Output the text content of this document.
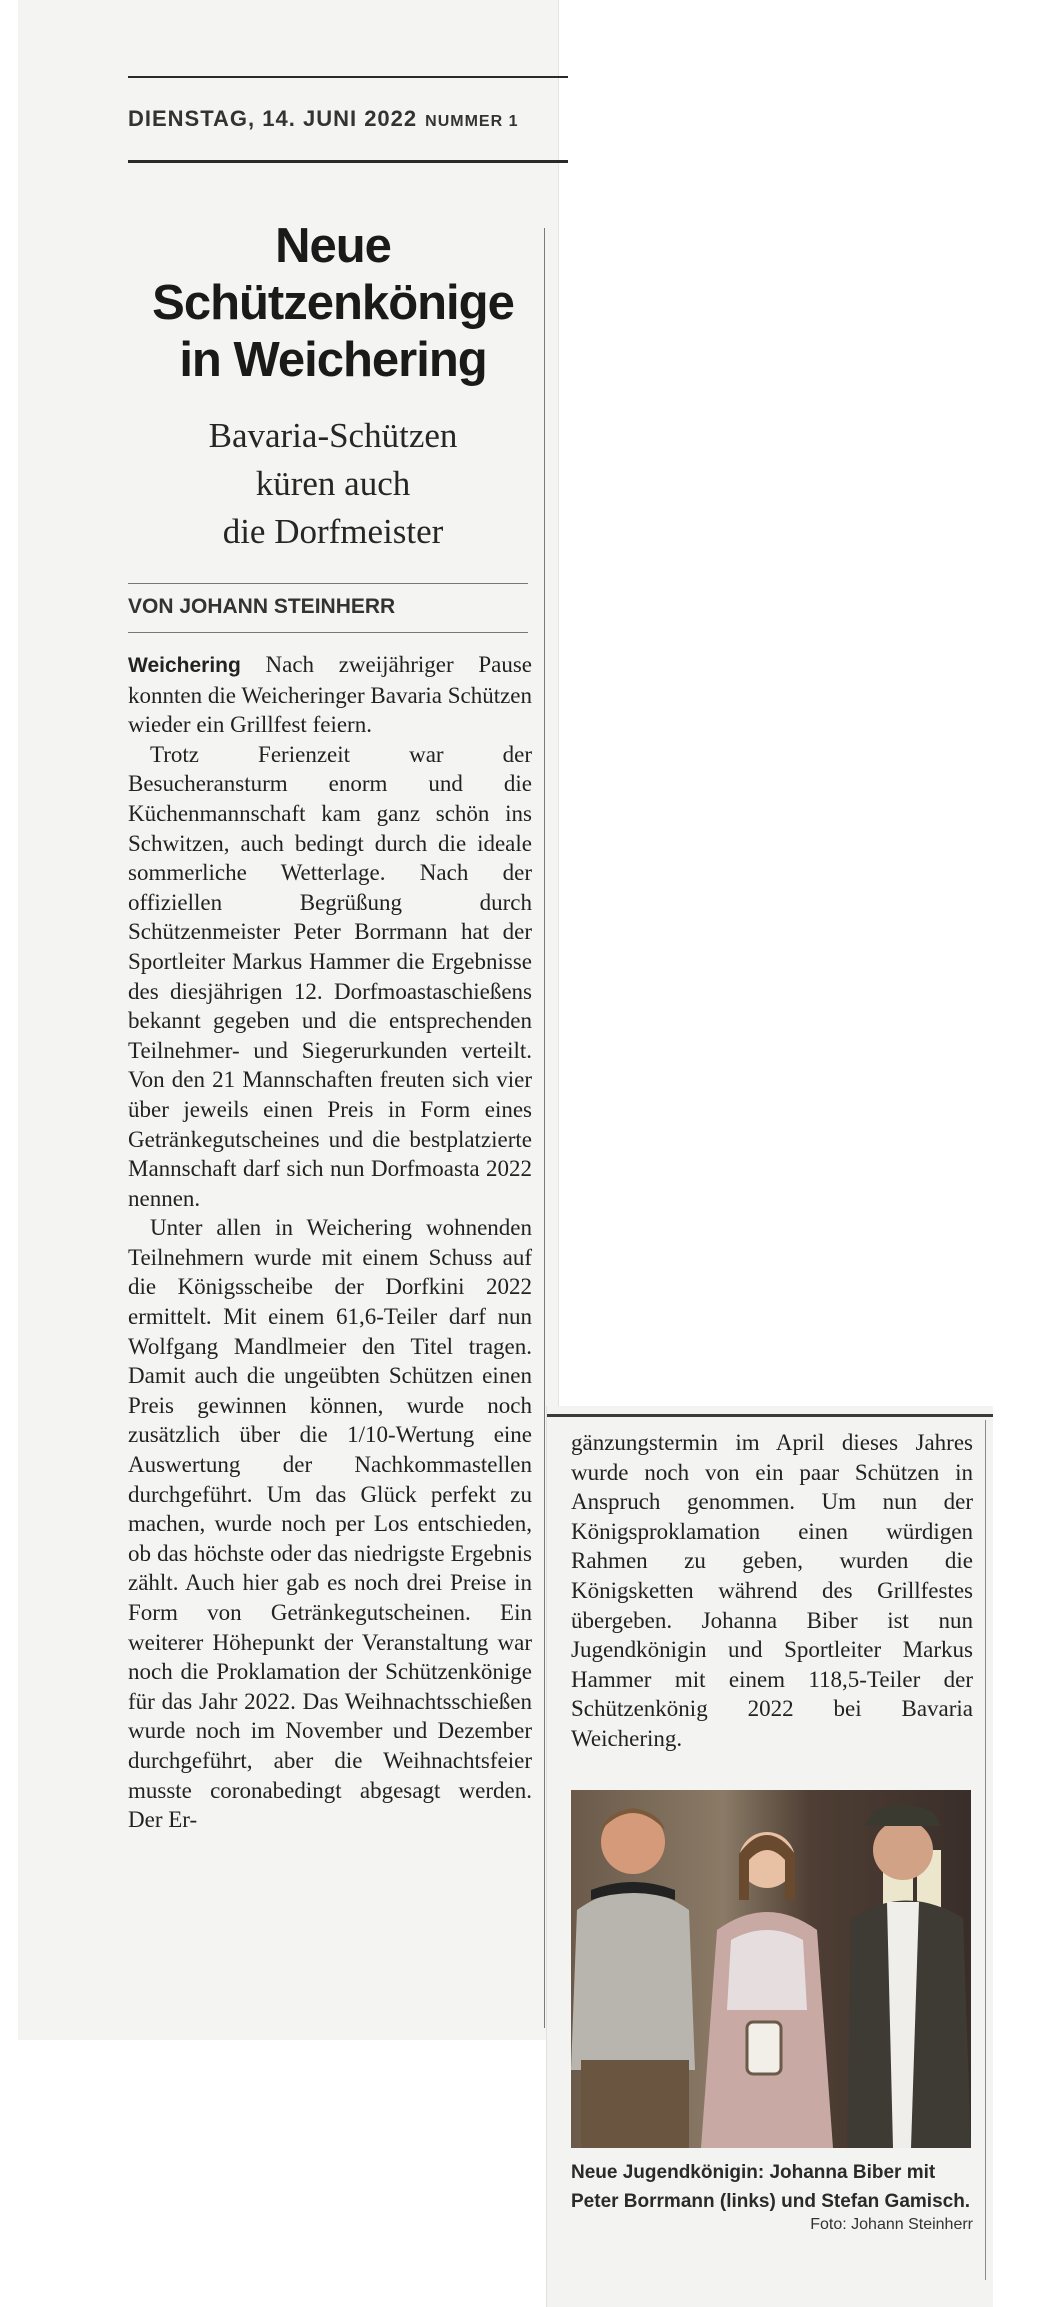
DIENSTAG, 14. JUNI 2022 NUMMER 1
Neue
Schützenkönige
in Weichering
Bavaria-Schützen
küren auch
die Dorfmeister
VON JOHANN STEINHERR

Weichering Nach zweijähriger Pause konnten die Weicheringer Bavaria Schützen wieder ein Grillfest feiern.

Trotz Ferienzeit war der Besucheransturm enorm und die Küchenmannschaft kam ganz schön ins Schwitzen, auch bedingt durch die ideale sommerliche Wetterlage. Nach der offiziellen Begrüßung durch Schützenmeister Peter Borrmann hat der Sportleiter Markus Hammer die Ergebnisse des diesjährigen 12. Dorfmoastaschießens bekannt gegeben und die entsprechenden Teilnehmer- und Siegerurkunden verteilt. Von den 21 Mannschaften freuten sich vier über jeweils einen Preis in Form eines Getränkegutscheines und die bestplatzierte Mannschaft darf sich nun Dorfmoasta 2022 nennen.

Unter allen in Weichering wohnenden Teilnehmern wurde mit einem Schuss auf die Königsscheibe der Dorfkini 2022 ermittelt. Mit einem 61,6-Teiler darf nun Wolfgang Mandlmeier den Titel tragen. Damit auch die ungeübten Schützen einen Preis gewinnen können, wurde noch zusätzlich über die 1/10-Wertung eine Auswertung der Nachkommastellen durchgeführt. Um das Glück perfekt zu machen, wurde noch per Los entschieden, ob das höchste oder das niedrigste Ergebnis zählt. Auch hier gab es noch drei Preise in Form von Getränkegutscheinen. Ein weiterer Höhepunkt der Veranstaltung war noch die Proklamation der Schützenkönige für das Jahr 2022. Das Weihnachtsschießen wurde noch im November und Dezember durchgeführt, aber die Weihnachtsfeier musste coronabedingt abgesagt werden. Der Er-

gänzungstermin im April dieses Jahres wurde noch von ein paar Schützen in Anspruch genommen. Um nun der Königsproklamation einen würdigen Rahmen zu geben, wurden die Königsketten während des Grillfestes übergeben. Johanna Biber ist nun Jugendkönigin und Sportleiter Markus Hammer mit einem 118,5-Teiler der Schützenkönig 2022 bei Bavaria Weichering.

Neue Jugendkönigin: Johanna Biber mit Peter Borrmann (links) und Stefan Gamisch.
Foto: Johann Steinherr
